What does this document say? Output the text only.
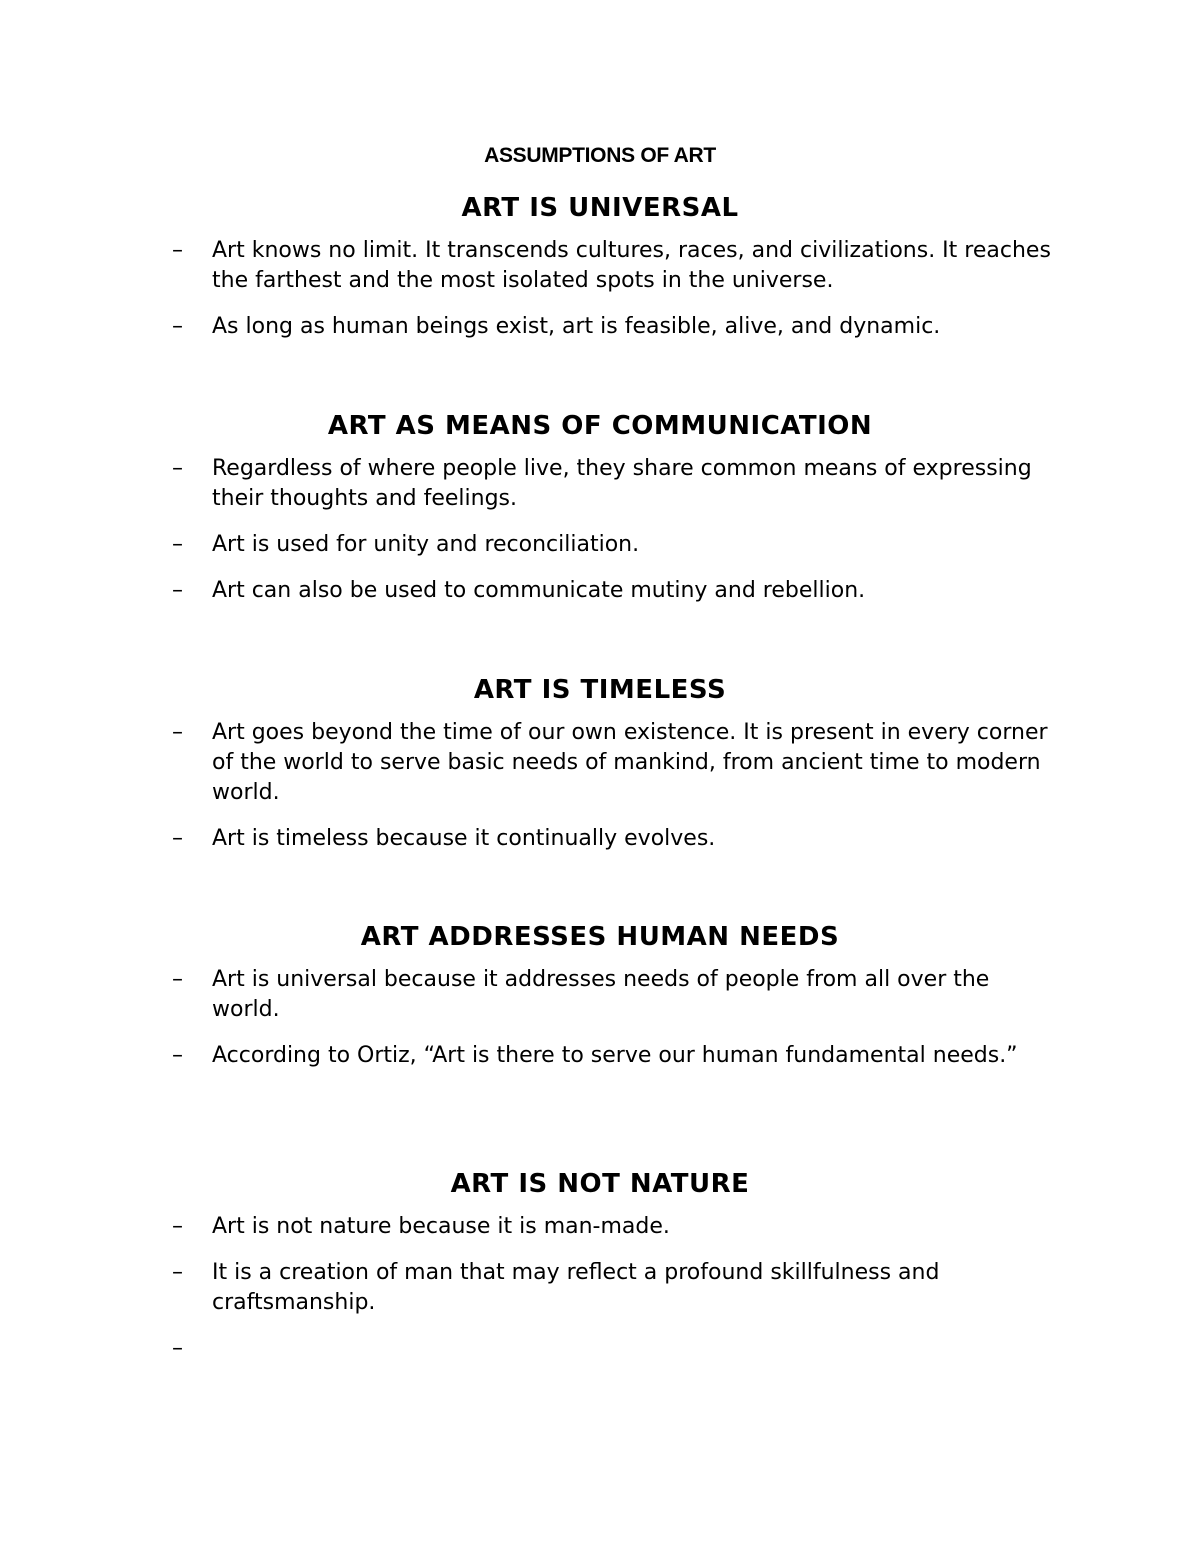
ASSUMPTIONS OF ART
ART IS UNIVERSAL
– Art knows no limit. It transcends cultures, races, and civilizations. It reaches the farthest and the most isolated spots in the universe.
– As long as human beings exist, art is feasible, alive, and dynamic.
ART AS MEANS OF COMMUNICATION
– Regardless of where people live, they share common means of expressing their thoughts and feelings.
– Art is used for unity and reconciliation.
– Art can also be used to communicate mutiny and rebellion.
ART IS TIMELESS
– Art goes beyond the time of our own existence. It is present in every corner of the world to serve basic needs of mankind, from ancient time to modern world.
– Art is timeless because it continually evolves.
ART ADDRESSES HUMAN NEEDS
– Art is universal because it addresses needs of people from all over the world.
– According to Ortiz, “Art is there to serve our human fundamental needs.”
ART IS NOT NATURE
– Art is not nature because it is man-made.
– It is a creation of man that may reflect a profound skillfulness and craftsmanship.
–
